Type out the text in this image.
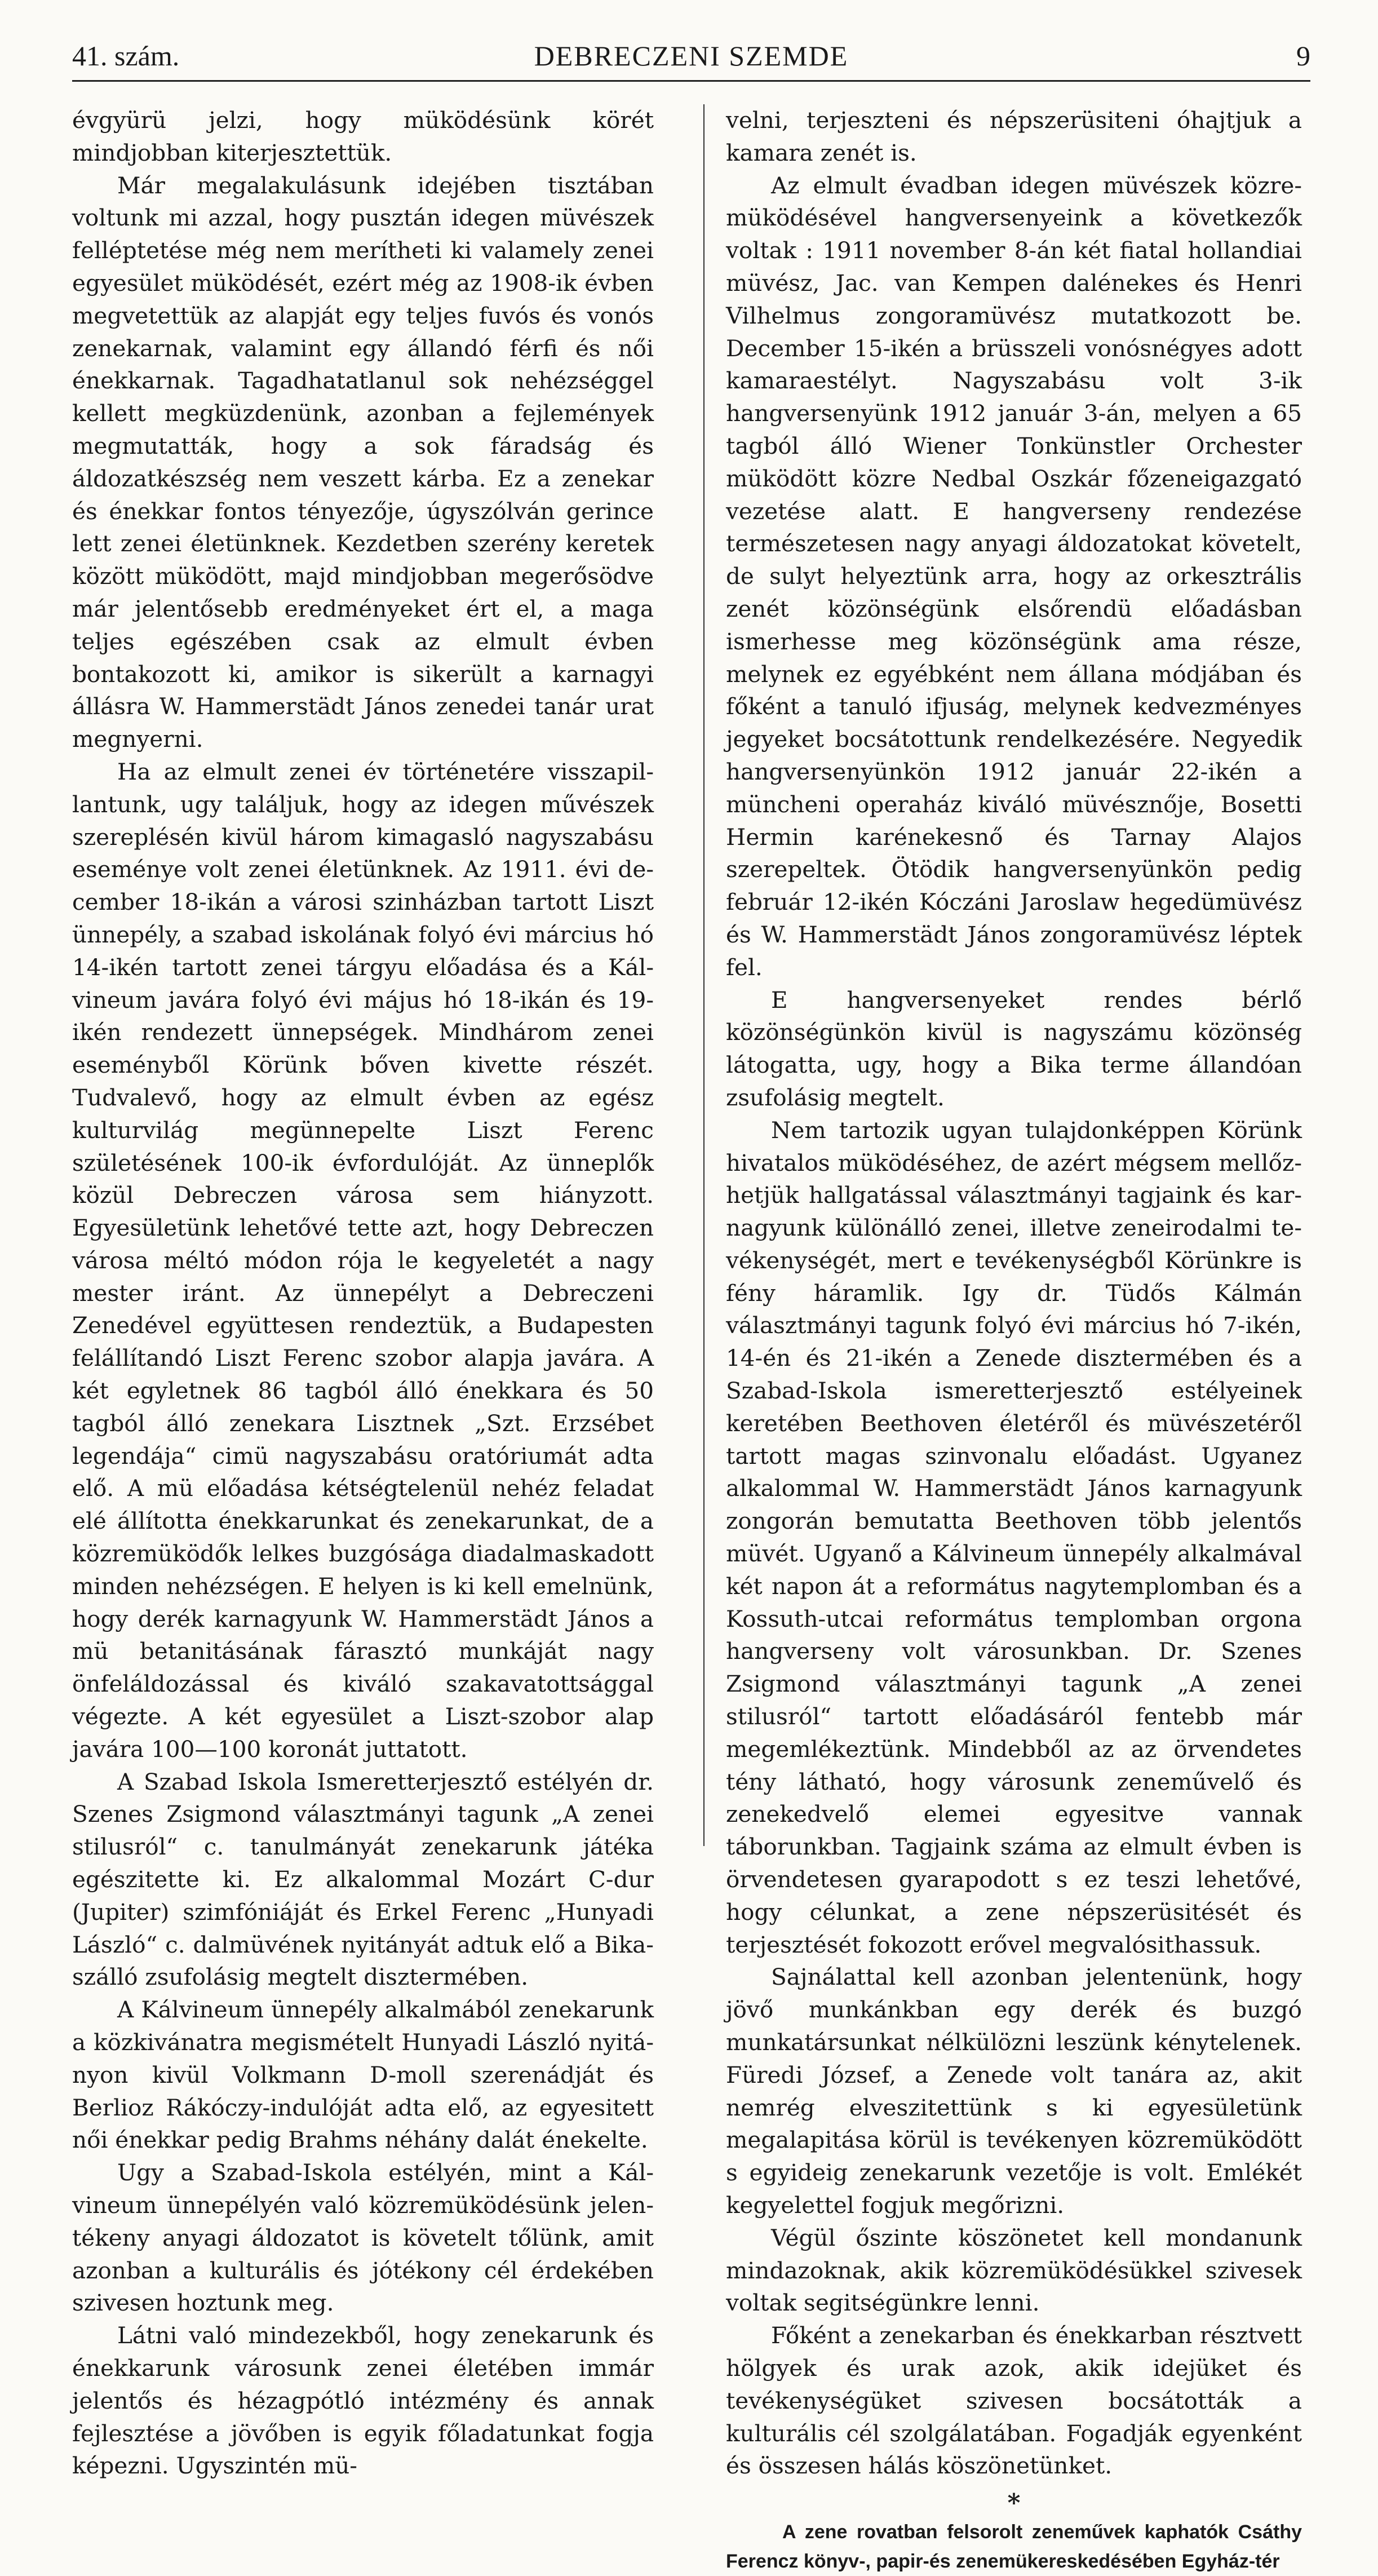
41. szám.	DEBRECZENI SZEMDE	9

évgyürü jelzi, hogy müködésünk körét mindjobban kiterjesztettük.

Már megalakulásunk idejében tisztában voltunk mi azzal, hogy pusztán idegen müvészek felléptetése még nem merítheti ki valamely zenei egyesület müködését, ezért még az 1908-ik évben megvetettük az alapját egy teljes fuvós és vonós zenekarnak, valamint egy állandó férfi és női énekkarnak. Tagadhatatlanul sok nehézséggel kellett megküzdenünk, azonban a fejlemények megmutatták, hogy a sok fáradság és áldozatkészség nem veszett kárba. Ez a zenekar és énekkar fontos tényezője, úgyszólván gerince lett zenei életünknek. Kezdetben szerény keretek között müködött, majd mindjobban megerősödve már jelentősebb eredményeket ért el, a maga teljes egészében csak az elmult évben bontakozott ki, amikor is sikerült a karnagyi állásra W. Hammerstädt János zenedei tanár urat megnyerni.

Ha az elmult zenei év történetére visszapillantunk, ugy találjuk, hogy az idegen művészek szereplésén kivül három kimagasló nagyszabásu eseménye volt zenei életünknek. Az 1911. évi december 18-ikán a városi szinházban tartott Liszt ünnepély, a szabad iskolának folyó évi március hó 14-ikén tartott zenei tárgyu előadása és a Kálvineum javára folyó évi május hó 18-ikán és 19-ikén rendezett ünnepségek. Mindhárom zenei eseményből Körünk bőven kivette részét. Tudvalevő, hogy az elmult évben az egész kulturvilág megünnepelte Liszt Ferenc születésének 100-ik évfordulóját. Az ünneplők közül Debreczen városa sem hiányzott. Egyesületünk lehetővé tette azt, hogy Debreczen városa méltó módon rója le kegyeletét a nagy mester iránt. Az ünnepélyt a Debreczeni Zenedével együttesen rendeztük, a Budapesten felállítandó Liszt Ferenc szobor alapja javára. A két egyletnek 86 tagból álló énekkara és 50 tagból álló zenekara Lisztnek „Szt. Erzsébet legendája“ cimü nagyszabásu oratóriumát adta elő. A mü előadása kétségtelenül nehéz feladat elé állította énekkarunkat és zenekarunkat, de a közremüködők lelkes buzgósága diadalmaskadott minden nehézségen. E helyen is ki kell emelnünk, hogy derék karnagyunk W. Hammerstädt János a mü betanitásának fárasztó munkáját nagy önfeláldozással és kiváló szakavatottsággal végezte. A két egyesület a Liszt-szobor alap javára 100—100 koronát juttatott.

A Szabad Iskola Ismeretterjesztő estélyén dr. Szenes Zsigmond választmányi tagunk „A zenei stilusról“ c. tanulmányát zenekarunk játéka egészitette ki. Ez alkalommal Mozárt C-dur (Jupiter) szimfóniáját és Erkel Ferenc „Hunyadi László“ c. dalmüvének nyitányát adtuk elő a Bika-szálló zsufolásig megtelt disztermében.

A Kálvineum ünnepély alkalmából zenekarunk a közkivánatra megismételt Hunyadi László nyitányon kivül Volkmann D-moll szerenádját és Berlioz Rákóczy-indulóját adta elő, az egyesitett női énekkar pedig Brahms néhány dalát énekelte.

Ugy a Szabad-Iskola estélyén, mint a Kálvineum ünnepélyén való közremüködésünk jelentékeny anyagi áldozatot is követelt tőlünk, amit azonban a kulturális és jótékony cél érdekében szivesen hoztunk meg.

Látni való mindezekből, hogy zenekarunk és énekkarunk városunk zenei életében immár jelentős és hézagpótló intézmény és annak fejlesztése a jövőben is egyik főladatunkat fogja képezni. Ugyszintén mü-

velni, terjeszteni és népszerüsiteni óhajtjuk a kamara zenét is.

Az elmult évadban idegen müvészek közremüködésével hangversenyeink a következők voltak : 1911 november 8-án két fiatal hollandiai müvész, Jac. van Kempen dalénekes és Henri Vilhelmus zongoramüvész mutatkozott be. December 15-ikén a brüsszeli vonósnégyes adott kamaraestélyt. Nagyszabásu volt 3-ik hangversenyünk 1912 január 3-án, melyen a 65 tagból álló Wiener Tonkünstler Orchester müködött közre Nedbal Oszkár főzeneigazgató vezetése alatt. E hangverseny rendezése természetesen nagy anyagi áldozatokat követelt, de sulyt helyeztünk arra, hogy az orkesztrális zenét közönségünk elsőrendü előadásban ismerhesse meg közönségünk ama része, melynek ez egyébként nem állana módjában és főként a tanuló ifjuság, melynek kedvezményes jegyeket bocsátottunk rendelkezésére. Negyedik hangversenyünkön 1912 január 22-ikén a müncheni operaház kiváló müvésznője, Bosetti Hermin karénekesnő és Tarnay Alajos szerepeltek. Ötödik hangversenyünkön pedig február 12-ikén Kóczáni Jaroslaw hegedümüvész és W. Hammerstädt János zongoramüvész léptek fel.

E hangversenyeket rendes bérlő közönségünkön kivül is nagyszámu közönség látogatta, ugy, hogy a Bika terme állandóan zsufolásig megtelt.

Nem tartozik ugyan tulajdonképpen Körünk hivatalos müködéséhez, de azért mégsem mellőzhetjük hallgatással választmányi tagjaink és karnagyunk különálló zenei, illetve zeneirodalmi tevékenységét, mert e tevékenységből Körünkre is fény háramlik. Igy dr. Tüdős Kálmán választmányi tagunk folyó évi március hó 7-ikén, 14-én és 21-ikén a Zenede disztermében és a Szabad-Iskola ismeretterjesztő estélyeinek keretében Beethoven életéről és müvészetéről tartott magas szinvonalu előadást. Ugyanez alkalommal W. Hammerstädt János karnagyunk zongorán bemutatta Beethoven több jelentős müvét. Ugyanő a Kálvineum ünnepély alkalmával két napon át a református nagytemplomban és a Kossuth-utcai református templomban orgona hangverseny volt városunkban. Dr. Szenes Zsigmond választmányi tagunk „A zenei stilusról“ tartott előadásáról fentebb már megemlékeztünk. Mindebből az az örvendetes tény látható, hogy városunk zeneművelő és zenekedvelő elemei egyesitve vannak táborunkban. Tagjaink száma az elmult évben is örvendetesen gyarapodott s ez teszi lehetővé, hogy célunkat, a zene népszerüsitését és terjesztését fokozott erővel megvalósithassuk.

Sajnálattal kell azonban jelentenünk, hogy jövő munkánkban egy derék és buzgó munkatársunkat nélkülözni leszünk kénytelenek. Füredi József, a Zenede volt tanára az, akit nemrég elveszitettünk s ki egyesületünk megalapitása körül is tevékenyen közremüködött s egyideig zenekarunk vezetője is volt. Emlékét kegyelettel fogjuk megőrizni.

Végül őszinte köszönetet kell mondanunk mindazoknak, akik közremüködésükkel szivesek voltak segitségünkre lenni.

Főként a zenekarban és énekkarban résztvett hölgyek és urak azok, akik idejüket és tevékenységüket szivesen bocsátották a kulturális cél szolgálatában. Fogadják egyenként és összesen hálás köszönetünket.

*

A zene rovatban felsorolt zeneművek kaphatók Csáthy Ferencz könyv-, papir-és zenemükereskedésében Egyház-tér
